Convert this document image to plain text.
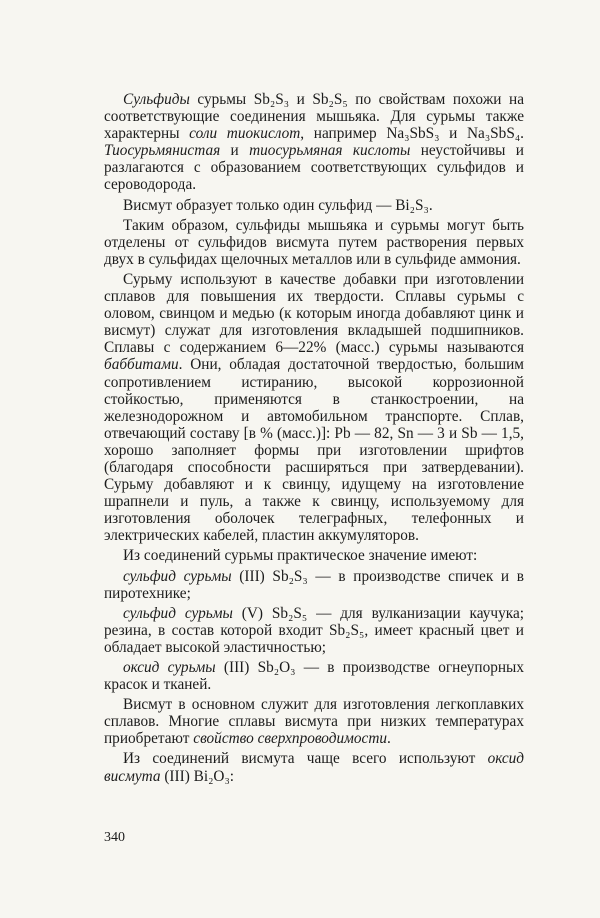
Сульфиды сурьмы Sb₂S₃ и Sb₂S₅ по свойствам похожи на соответствующие соединения мышьяка. Для сурьмы также характерны соли тиокислот, например Na₃SbS₃ и Na₃SbS₄. Тиосурьмянистая и тиосурьмяная кислоты неустойчивы и разлагаются с образованием соответствующих сульфидов и сероводорода.

Висмут образует только один сульфид — Bi₂S₃.

Таким образом, сульфиды мышьяка и сурьмы могут быть отделены от сульфидов висмута путем растворения первых двух в сульфидах щелочных металлов или в сульфиде аммония.

Сурьму используют в качестве добавки при изготовлении сплавов для повышения их твердости. Сплавы сурьмы с оловом, свинцом и медью (к которым иногда добавляют цинк и висмут) служат для изготовления вкладышей подшипников. Сплавы с содержанием 6—22% (масс.) сурьмы называются баббитами. Они, обладая достаточной твердостью, большим сопротивлением истиранию, высокой коррозионной стойкостью, применяются в станкостроении, на железнодорожном и автомобильном транспорте. Сплав, отвечающий составу [в % (масс.)]: Pb — 82, Sn — 3 и Sb — 1,5, хорошо заполняет формы при изготовлении шрифтов (благодаря способности расширяться при затвердевании). Сурьму добавляют и к свинцу, идущему на изготовление шрапнели и пуль, а также к свинцу, используемому для изготовления оболочек телеграфных, телефонных и электрических кабелей, пластин аккумуляторов.

Из соединений сурьмы практическое значение имеют:

сульфид сурьмы (III) Sb₂S₃ — в производстве спичек и в пиротехнике;

сульфид сурьмы (V) Sb₂S₅ — для вулканизации каучука; резина, в состав которой входит Sb₂S₅, имеет красный цвет и обладает высокой эластичностью;

оксид сурьмы (III) Sb₂O₃ — в производстве огнеупорных красок и тканей.

Висмут в основном служит для изготовления легкоплавких сплавов. Многие сплавы висмута при низких температурах приобретают свойство сверхпроводимости.

Из соединений висмута чаще всего используют оксид висмута (III) Bi₂O₃:

340
